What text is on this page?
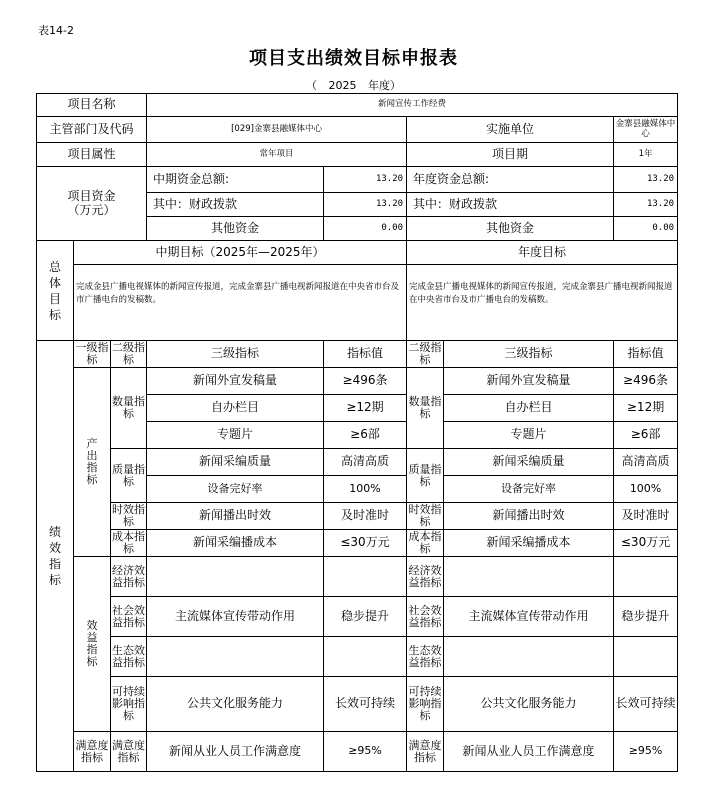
表14-2
项目支出绩效目标申报表
（ 2025 年度）
项目名称			新闻宣传工作经费				
主管部门及代码			[029]金寨县融媒体中心		实施单位		金寨县融媒体中心
项目属性			常年项目		项目期		1年
项目资金
（万元）			中期资金总额:	13.20	年度资金总额:		13.20
			其中：财政拨款	13.20	其中：财政拨款		13.20
			其他资金	0.00	其他资金		0.00
总体目标	中期目标（2025年—2025年）				年度目标		
	完成金县广播电视媒体的新闻宣传报道，完成金寨县广播电视新闻报道在中央省市台及市广播电台的发稿数。				完成金县广播电视媒体的新闻宣传报道，完成金寨县广播电视新闻报道在中央省市台及市广播电台的发稿数。		
绩效指标	一级指标	二级指标	三级指标	指标值	二级指标	三级指标	指标值
	产出指标	数量指标	新闻外宣发稿量	≥496条	数量指标	新闻外宣发稿量	≥496条
			自办栏目	≥12期		自办栏目	≥12期
			专题片	≥6部		专题片	≥6部
		质量指标	新闻采编质量	高清高质	质量指标	新闻采编质量	高清高质
			设备完好率	100%		设备完好率	100%
		时效指标	新闻播出时效	及时准时	时效指标	新闻播出时效	及时准时
		成本指标	新闻采编播成本	≤30万元	成本指标	新闻采编播成本	≤30万元
	效益指标	经济效益指标			经济效益指标		
		社会效益指标	主流媒体宣传带动作用	稳步提升	社会效益指标	主流媒体宣传带动作用	稳步提升
		生态效益指标			生态效益指标		
		可持续影响指标	公共文化服务能力	长效可持续	可持续影响指标	公共文化服务能力	长效可持续
	满意度指标	满意度指标	新闻从业人员工作满意度	≥95%	满意度指标	新闻从业人员工作满意度	≥95%
